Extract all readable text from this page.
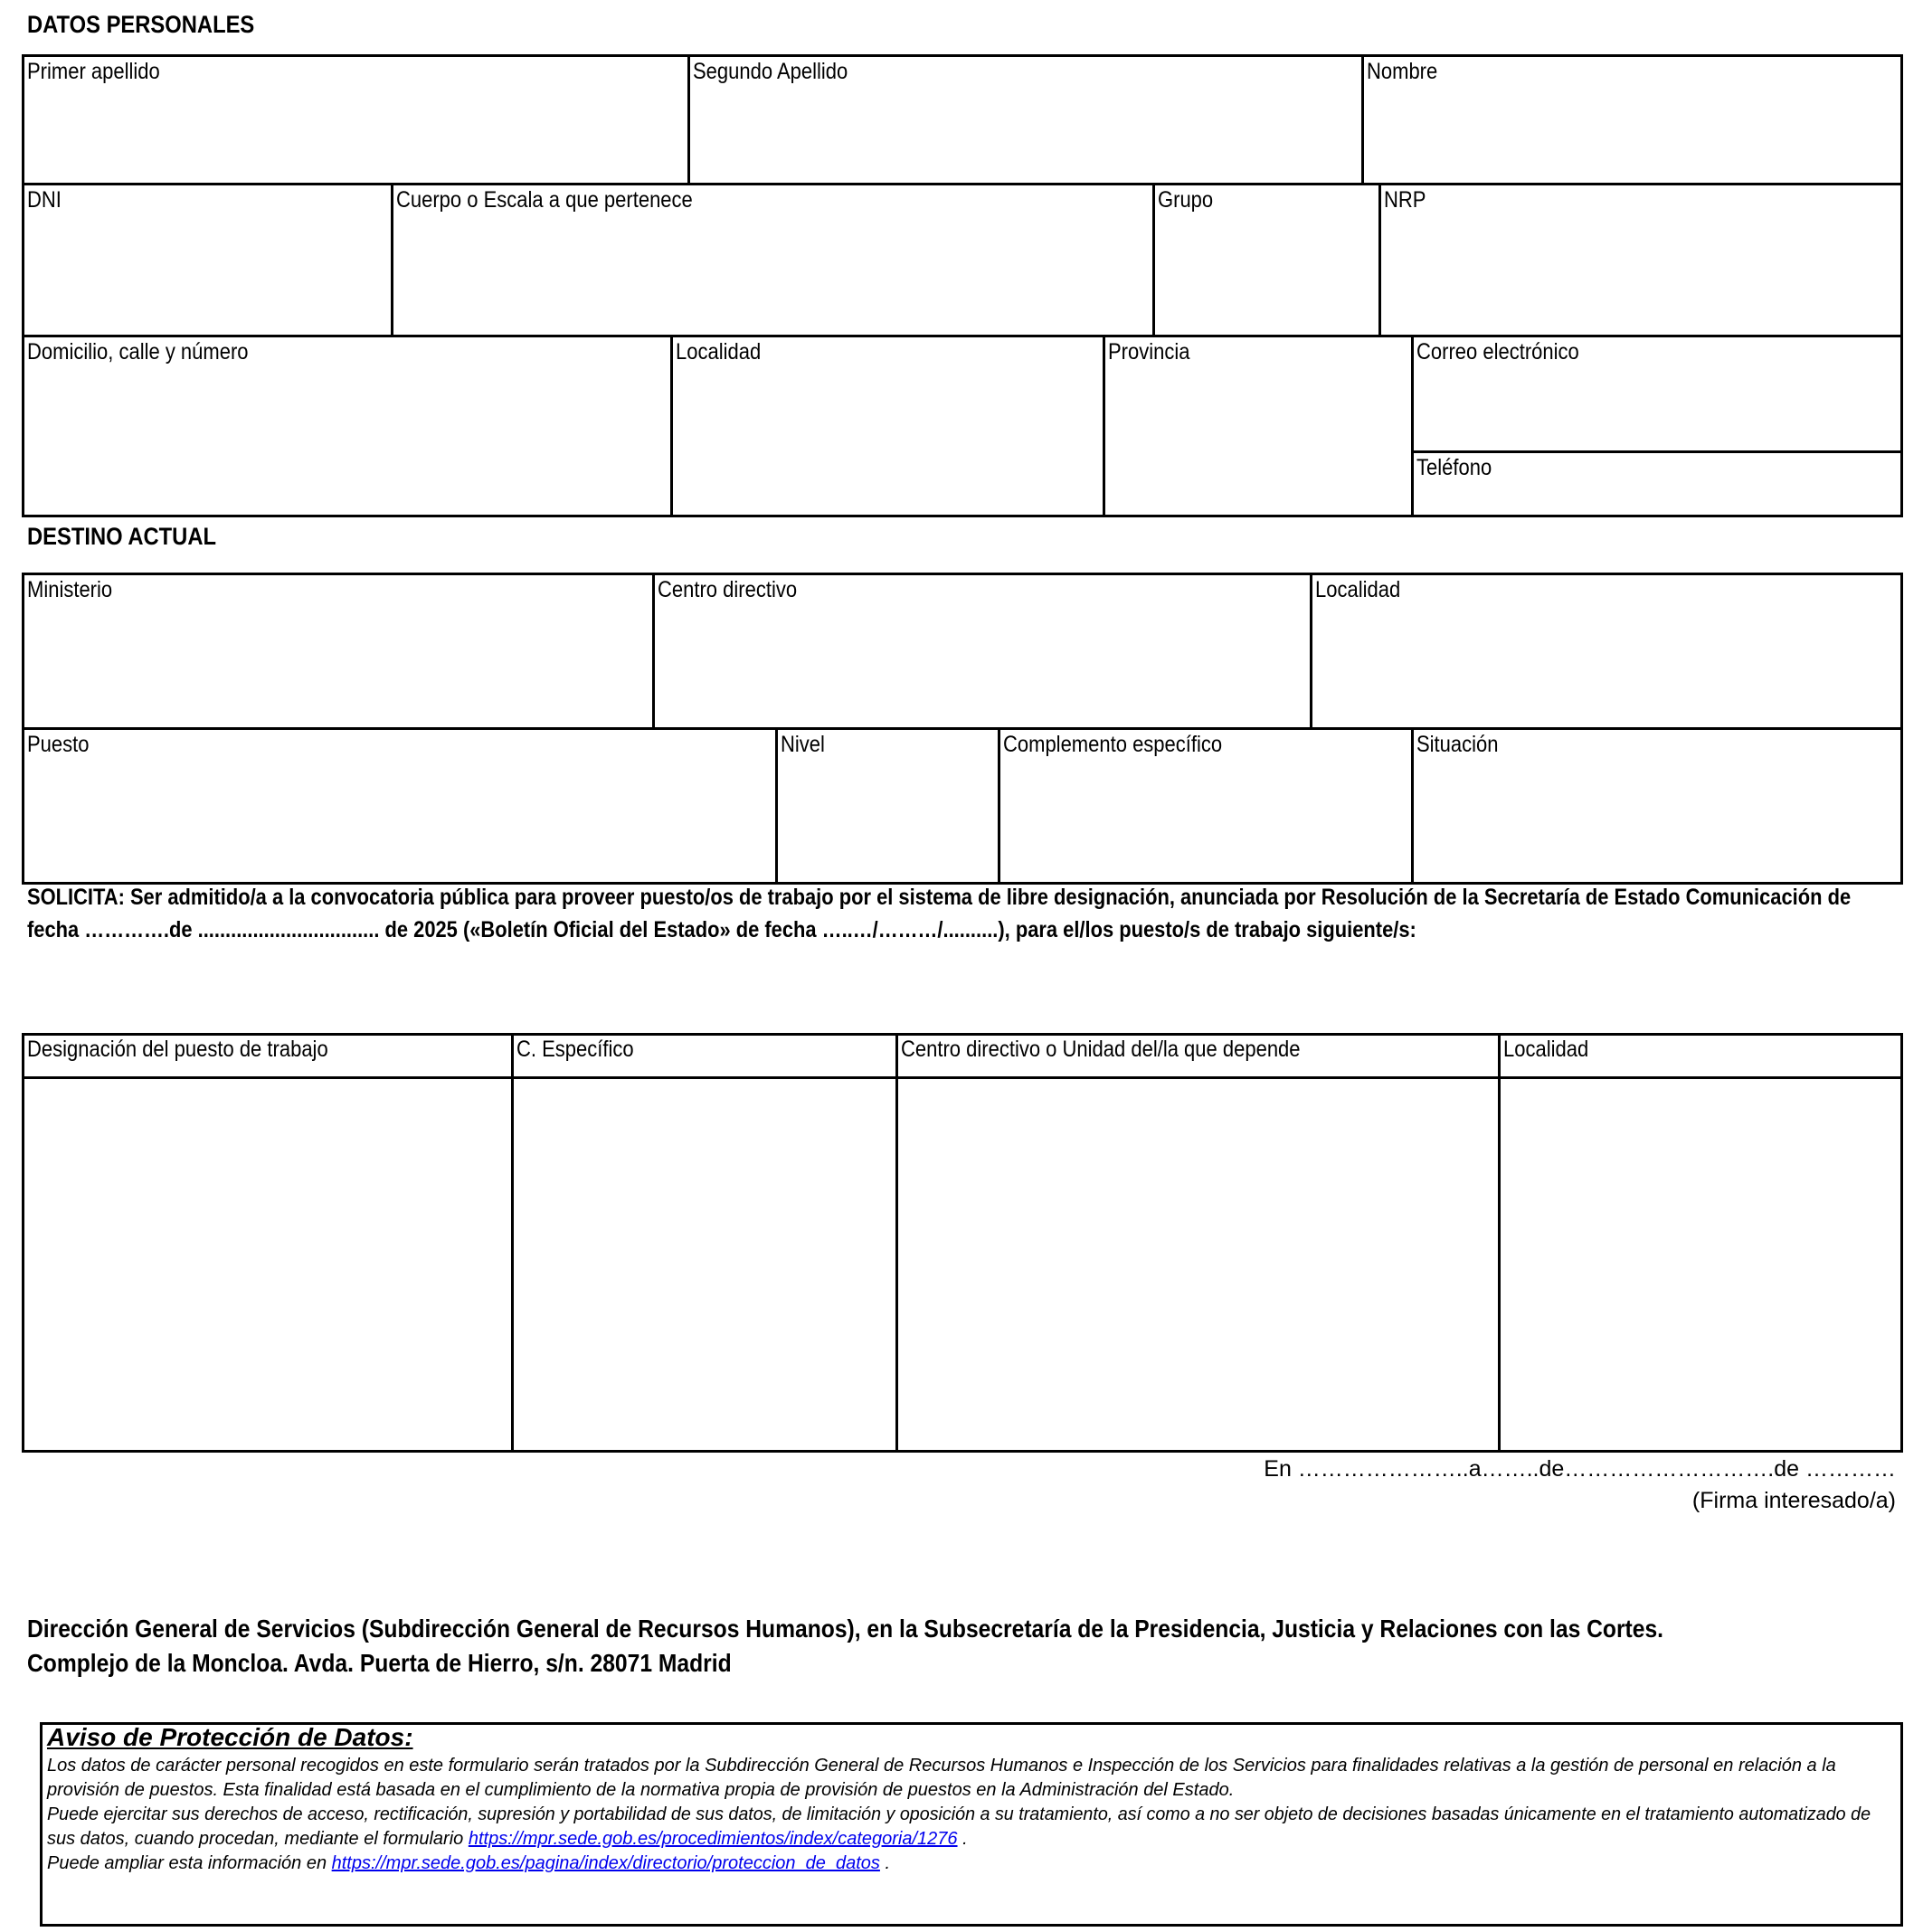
DATOS PERSONALES
Primer apellido	Segundo Apellido	Nombre
DNI	Cuerpo o Escala a que pertenece	Grupo	NRP
Domicilio, calle y número	Localidad	Provincia	Correo electrónico
Teléfono
DESTINO ACTUAL
Ministerio	Centro directivo	Localidad
Puesto	Nivel	Complemento específico	Situación
SOLICITA: Ser admitido/a a la convocatoria pública para proveer puesto/os de trabajo por el sistema de libre designación, anunciada por Resolución de la Secretaría de Estado Comunicación de
fecha ………….de ................................. de 2025 («Boletín Oficial del Estado» de fecha …..…/………/..........), para el/los puesto/s de trabajo siguiente/s:
Designación del puesto de trabajo	C. Específico	Centro directivo o Unidad del/la que depende	Localidad
En …………………..a……..de……………………….de …………
(Firma interesado/a)
Dirección General de Servicios (Subdirección General de Recursos Humanos), en la Subsecretaría de la Presidencia, Justicia y Relaciones con las Cortes.
Complejo de la Moncloa. Avda. Puerta de Hierro, s/n. 28071 Madrid
Aviso de Protección de Datos:
Los datos de carácter personal recogidos en este formulario serán tratados por la Subdirección General de Recursos Humanos e Inspección de los Servicios para finalidades relativas a la gestión de personal en relación a la
provisión de puestos. Esta finalidad está basada en el cumplimiento de la normativa propia de provisión de puestos en la Administración del Estado.
Puede ejercitar sus derechos de acceso, rectificación, supresión y portabilidad de sus datos, de limitación y oposición a su tratamiento, así como a no ser objeto de decisiones basadas únicamente en el tratamiento automatizado de
sus datos, cuando procedan, mediante el formulario https://mpr.sede.gob.es/procedimientos/index/categoria/1276 .
Puede ampliar esta información en https://mpr.sede.gob.es/pagina/index/directorio/proteccion_de_datos .
